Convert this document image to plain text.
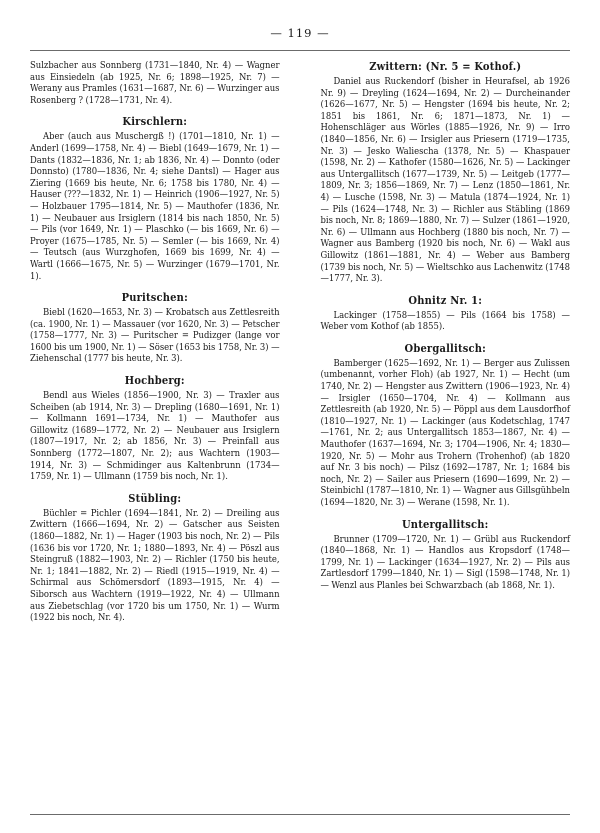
— 119 —

Sulzbacher aus Sonnberg (1731—1840, Nr. 4) — Wagner aus Einsiedeln (ab 1925, Nr. 6; 1898—1925, Nr. 7) — Werany aus Pramles (1631—1687, Nr. 6) — Wurzinger aus Rosenberg ? (1728—1731, Nr. 4).

Kirschlern:

Aber (auch aus Muschergß !) (1701—1810, Nr. 1) — Anderl (1699—1758, Nr. 4) — Biebl (1649—1679, Nr. 1) — Dants (1832—1836, Nr. 1; ab 1836, Nr. 4) — Donnto (oder Donnsto) (1780—1836, Nr. 4; siehe Dantsl) — Hager aus Ziering (1669 bis heute, Nr. 6; 1758 bis 1780, Nr. 4) — Hauser (???—1832, Nr. 1) — Heinrich (1906—1927, Nr. 5) — Holzbauer 1795—1814, Nr. 5) — Mauthofer (1836, Nr. 1) — Neubauer aus Irsiglern (1814 bis nach 1850, Nr. 5) — Pils (vor 1649, Nr. 1) — Plaschko (— bis 1669, Nr. 6) — Proyer (1675—1785, Nr. 5) — Semler (— bis 1669, Nr. 4) — Teutsch (aus Wurzghofen, 1669 bis 1699, Nr. 4) — Wartl (1666—1675, Nr. 5) — Wurzinger (1679—1701, Nr. 1).

Puritschen:

Biebl (1620—1653, Nr. 3) — Krobatsch aus Zettlesreith (ca. 1900, Nr. 1) — Massauer (vor 1620, Nr. 3) — Petscher (1758—1777, Nr. 3) — Puritscher = Pudizger (lange vor 1600 bis um 1900, Nr. 1) — Söser (1653 bis 1758, Nr. 3) — Ziehenschal (1777 bis heute, Nr. 3).

Hochberg:

Bendl aus Wieles (1856—1900, Nr. 3) — Traxler aus Scheiben (ab 1914, Nr. 3) — Drepling (1680—1691, Nr. 1) — Kollmann 1691—1734, Nr. 1) — Mauthofer aus Gillowitz (1689—1772, Nr. 2) — Neubauer aus Irsiglern (1807—1917, Nr. 2; ab 1856, Nr. 3) — Preinfall aus Sonnberg (1772—1807, Nr. 2); aus Wachtern (1903—1914, Nr. 3) — Schmidinger aus Kaltenbrunn (1734—1759, Nr. 1) — Ullmann (1759 bis noch, Nr. 1).

Stübling:

Büchler = Pichler (1694—1841, Nr. 2) — Dreiling aus Zwittern (1666—1694, Nr. 2) — Gatscher aus Seisten (1860—1882, Nr. 1) — Hager (1903 bis noch, Nr. 2) — Pils (1636 bis vor 1720, Nr. 1; 1880—1893, Nr. 4) — Pöszl aus Steingruß (1882—1903, Nr. 2) — Richler (1750 bis heute, Nr. 1; 1841—1882, Nr. 2) — Riedl (1915—1919, Nr. 4) — Schirmal aus Schömersdorf (1893—1915, Nr. 4) — Siborsch aus Wachtern (1919—1922, Nr. 4) — Ullmann aus Ziebetschlag (vor 1720 bis um 1750, Nr. 1) — Wurm (1922 bis noch, Nr. 4).

Zwittern: (Nr. 5 = Kothof.)

Daniel aus Ruckendorf (bisher in Heurafsel, ab 1926 Nr. 9) — Dreyling (1624—1694, Nr. 2) — Durcheinander (1626—1677, Nr. 5) — Hengster (1694 bis heute, Nr. 2; 1851 bis 1861, Nr. 6; 1871—1873, Nr. 1) — Hohenschläger aus Wörles (1885—1926, Nr. 9) — Irro (1840—1856, Nr. 6) — Irsigler aus Priesern (1719—1735, Nr. 3) — Jesko Waliescha (1378, Nr. 5) — Khaspauer (1598, Nr. 2) — Kathofer (1580—1626, Nr. 5) — Lackinger aus Untergallitsch (1677—1739, Nr. 5) — Leitgeb (1777—1809, Nr. 3; 1856—1869, Nr. 7) — Lenz (1850—1861, Nr. 4) — Lusche (1598, Nr. 3) — Matula (1874—1924, Nr. 1) — Pils (1624—1748, Nr. 3) — Richler aus Stäbling (1869 bis noch, Nr. 8; 1869—1880, Nr. 7) — Sulzer (1861—1920, Nr. 6) — Ullmann aus Hochberg (1880 bis noch, Nr. 7) — Wagner aus Bamberg (1920 bis noch, Nr. 6) — Wakl aus Gillowitz (1861—1881, Nr. 4) — Weber aus Bamberg (1739 bis noch, Nr. 5) — Wieltschko aus Lachenwitz (1748—1777, Nr. 3).

Ohnitz Nr. 1:

Lackinger (1758—1855) — Pils (1664 bis 1758) — Weber vom Kothof (ab 1855).

Obergallitsch:

Bamberger (1625—1692, Nr. 1) — Berger aus Zulissen (umbenannt, vorher Floh) (ab 1927, Nr. 1) — Hecht (um 1740, Nr. 2) — Hengster aus Zwittern (1906—1923, Nr. 4) — Irsigler (1650—1704, Nr. 4) — Kollmann aus Zettlesreith (ab 1920, Nr. 5) — Pöppl aus dem Lausdorfhof (1810—1927, Nr. 1) — Lackinger (aus Kodetschlag, 1747—1761, Nr. 2; aus Untergallitsch 1853—1867, Nr. 4) — Mauthofer (1637—1694, Nr. 3; 1704—1906, Nr. 4; 1830—1920, Nr. 5) — Mohr aus Trohern (Trohenhof) (ab 1820 auf Nr. 3 bis noch) — Pilsz (1692—1787, Nr. 1; 1684 bis noch, Nr. 2) — Sailer aus Priesern (1690—1699, Nr. 2) — Steinbichl (1787—1810, Nr. 1) — Wagner aus Gillsgühbeln (1694—1820, Nr. 3) — Werane (1598, Nr. 1).

Untergallitsch:

Brunner (1709—1720, Nr. 1) — Grübl aus Ruckendorf (1840—1868, Nr. 1) — Handlos aus Kropsdorf (1748—1799, Nr. 1) — Lackinger (1634—1927, Nr. 2) — Pils aus Zartlesdorf 1799—1840, Nr. 1) — Sigl (1598—1748, Nr. 1) — Wenzl aus Planles bei Schwarzbach (ab 1868, Nr. 1).
